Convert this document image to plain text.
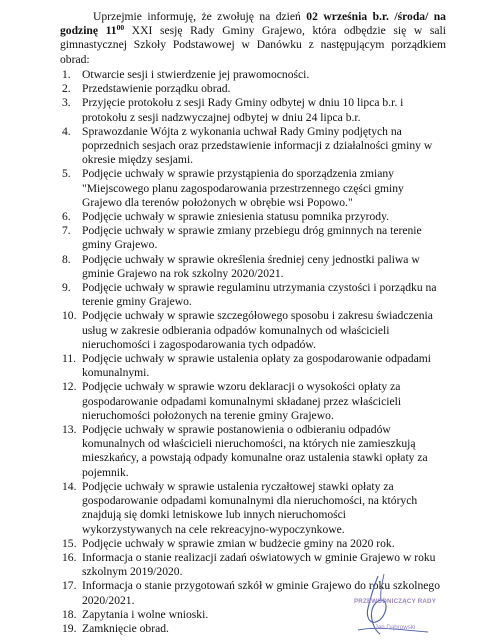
Uprzejmie informuję, że zwołuję na dzień 02 września b.r. /środa/ na godzinę $11^{00}$ XXI sesję Rady Gminy Grajewo, która odbędzie się w sali gimnastycznej Szkoły Podstawowej w Danówku z następującym porządkiem obrad:

1. Otwarcie sesji i stwierdzenie jej prawomocności.
2. Przedstawienie porządku obrad.
3. Przyjęcie protokołu z sesji Rady Gminy odbytej w dniu 10 lipca b.r. i
protokołu z sesji nadzwyczajnej odbytej w dniu 24 lipca b.r.
4. Sprawozdanie Wójta z wykonania uchwał Rady Gminy podjętych na
poprzednich sesjach oraz przedstawienie informacji z działalności gminy w
okresie między sesjami.
5. Podjęcie uchwały w sprawie przystąpienia do sporządzenia zmiany
"Miejscowego planu zagospodarowania przestrzennego części gminy
Grajewo dla terenów położonych w obrębie wsi Popowo."
6. Podjęcie uchwały w sprawie zniesienia statusu pomnika przyrody.
7. Podjęcie uchwały w sprawie zmiany przebiegu dróg gminnych na terenie
gminy Grajewo.
8. Podjęcie uchwały w sprawie określenia średniej ceny jednostki paliwa w
gminie Grajewo na rok szkolny 2020/2021.
9. Podjęcie uchwały w sprawie regulaminu utrzymania czystości i porządku na
terenie gminy Grajewo.
10. Podjęcie uchwały w sprawie szczegółowego sposobu i zakresu świadczenia
usług w zakresie odbierania odpadów komunalnych od właścicieli
nieruchomości i zagospodarowania tych odpadów.
11. Podjęcie uchwały w sprawie ustalenia opłaty za gospodarowanie odpadami
komunalnymi.
12. Podjęcie uchwały w sprawie wzoru deklaracji o wysokości opłaty za
gospodarowanie odpadami komunalnymi składanej przez właścicieli
nieruchomości położonych na terenie gminy Grajewo.
13. Podjęcie uchwały w sprawie postanowienia o odbieraniu odpadów
komunalnych od właścicieli nieruchomości, na których nie zamieszkują
mieszkańcy, a powstają odpady komunalne oraz ustalenia stawki opłaty za
pojemnik.
14. Podjęcie uchwały w sprawie ustalenia ryczałtowej stawki opłaty za
gospodarowanie odpadami komunalnymi dla nieruchomości, na których
znajdują się domki letniskowe lub innych nieruchomości
wykorzystywanych na cele rekreacyjno-wypoczynkowe.
15. Podjęcie uchwały w sprawie zmian w budżecie gminy na 2020 rok.
16. Informacja o stanie realizacji zadań oświatowych w gminie Grajewo w roku
szkolnym 2019/2020.
17. Informacja o stanie przygotowań szkół w gminie Grajewo do roku szkolnego
2020/2021.
18. Zapytania i wolne wnioski.
19. Zamknięcie obrad.
PRZEWODNICZĄCY RADY
Jan Dąbrowski
